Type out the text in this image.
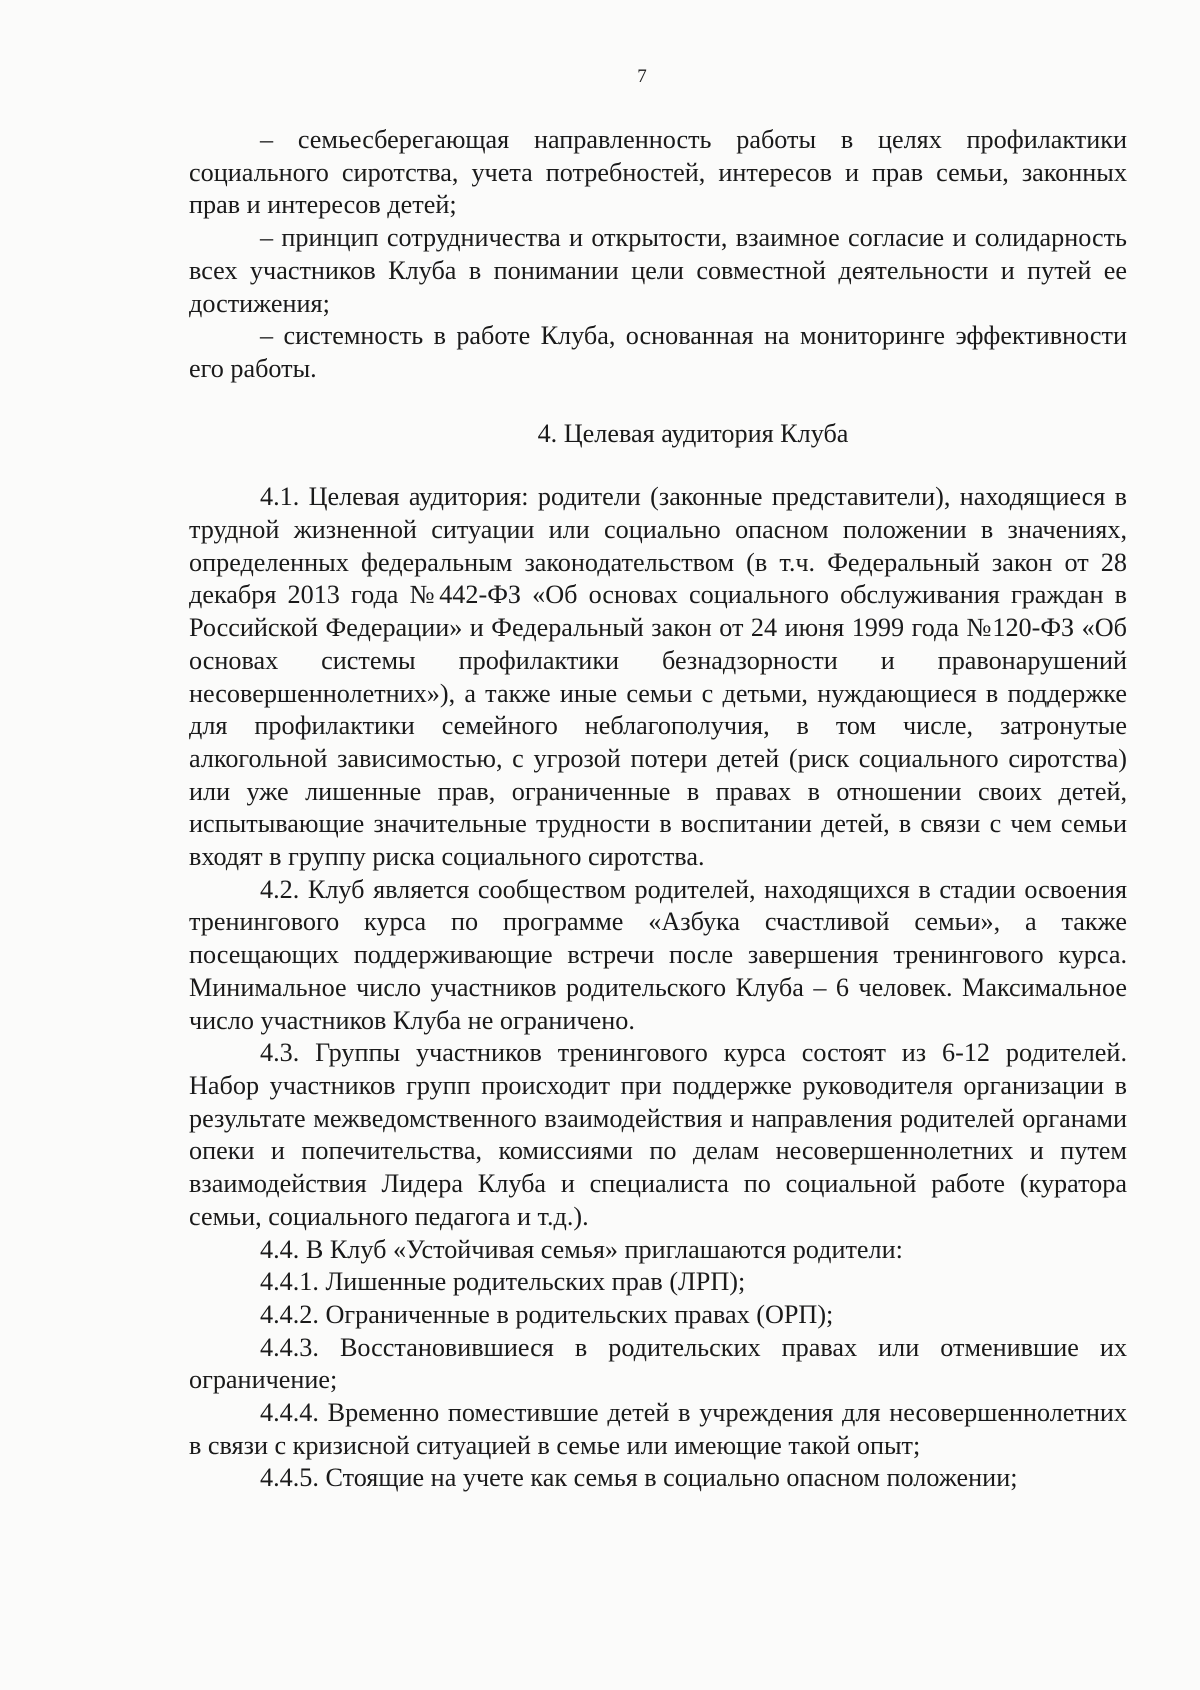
7

– семьесберегающая направленность работы в целях профилактики социального сиротства, учета потребностей, интересов и прав семьи, законных прав и интересов детей;

– принцип сотрудничества и открытости, взаимное согласие и солидарность всех участников Клуба в понимании цели совместной деятельности и путей ее достижения;

– системность в работе Клуба, основанная на мониторинге эффективности его работы.

4. Целевая аудитория Клуба

4.1. Целевая аудитория: родители (законные представители), находящиеся в трудной жизненной ситуации или социально опасном положении в значениях, определенных федеральным законодательством (в т.ч. Федеральный закон от 28 декабря 2013 года №442-ФЗ «Об основах социального обслуживания граждан в Российской Федерации» и Федеральный закон от 24 июня 1999 года №120-ФЗ «Об основах системы профилактики безнадзорности и правонарушений несовершеннолетних»), а также иные семьи с детьми, нуждающиеся в поддержке для профилактики семейного неблагополучия, в том числе, затронутые алкогольной зависимостью, с угрозой потери детей (риск социального сиротства) или уже лишенные прав, ограниченные в правах в отношении своих детей, испытывающие значительные трудности в воспитании детей, в связи с чем семьи входят в группу риска социального сиротства.

4.2. Клуб является сообществом родителей, находящихся в стадии освоения тренингового курса по программе «Азбука счастливой семьи», а также посещающих поддерживающие встречи после завершения тренингового курса. Минимальное число участников родительского Клуба – 6 человек. Максимальное число участников Клуба не ограничено.

4.3. Группы участников тренингового курса состоят из 6-12 родителей. Набор участников групп происходит при поддержке руководителя организации в результате межведомственного взаимодействия и направления родителей органами опеки и попечительства, комиссиями по делам несовершеннолетних и путем взаимодействия Лидера Клуба и специалиста по социальной работе (куратора семьи, социального педагога и т.д.).

4.4. В Клуб «Устойчивая семья» приглашаются родители:

4.4.1. Лишенные родительских прав (ЛРП);

4.4.2. Ограниченные в родительских правах (ОРП);

4.4.3. Восстановившиеся в родительских правах или отменившие их ограничение;

4.4.4. Временно поместившие детей в учреждения для несовершеннолетних в связи с кризисной ситуацией в семье или имеющие такой опыт;

4.4.5. Стоящие на учете как семья в социально опасном положении;
